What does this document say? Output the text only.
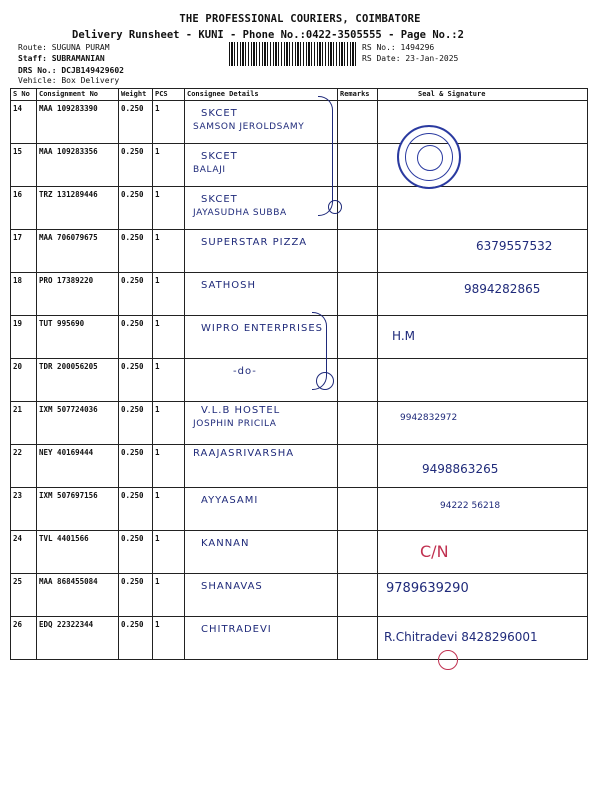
THE PROFESSIONAL COURIERS, COIMBATORE
Delivery Runsheet - KUNI - Phone No.:0422-3505555 - Page No.:2
Route: SUGUNA PURAM
Staff: SUBRAMANIAN
DRS No.: DCJB149429602
Vehicle: Box Delivery
RS No.: 1494296
RS Date: 23-Jan-2025
S No	Consignment No	Weight	PCS	Consignee Details	Remarks	Seal & Signature
14	MAA 109283390	0.250	1	SKCET
SAMSON JEROLDSAMY		

15	MAA 109283356	0.250	1	SKCET
BALAJI		

16	TRZ 131289446	0.250	1	SKCET
JAYASUDHA SUBBA		

17	MAA 706079675	0.250	1	SUPERSTAR PIZZA		6379557532

18	PRO 17389220	0.250	1	SATHOSH		9894282865

19	TUT 995690	0.250	1	WIPRO ENTERPRISES		H.M

20	TDR 200056205	0.250	1	-do-		

21	IXM 507724036	0.250	1	V.L.B HOSTEL
JOSPHIN PRICILA		9942832972

22	NEY 40169444	0.250	1	RAAJASRIVARSHA		9498863265

23	IXM 507697156	0.250	1	AYYASAMI		94222 56218

24	TVL 4401566	0.250	1	KANNAN		C/N

25	MAA 868455084	0.250	1	SHANAVAS		9789639290

26	EDQ 22322344	0.250	1	CHITRADEVI		R.Chitradevi 8428296001
